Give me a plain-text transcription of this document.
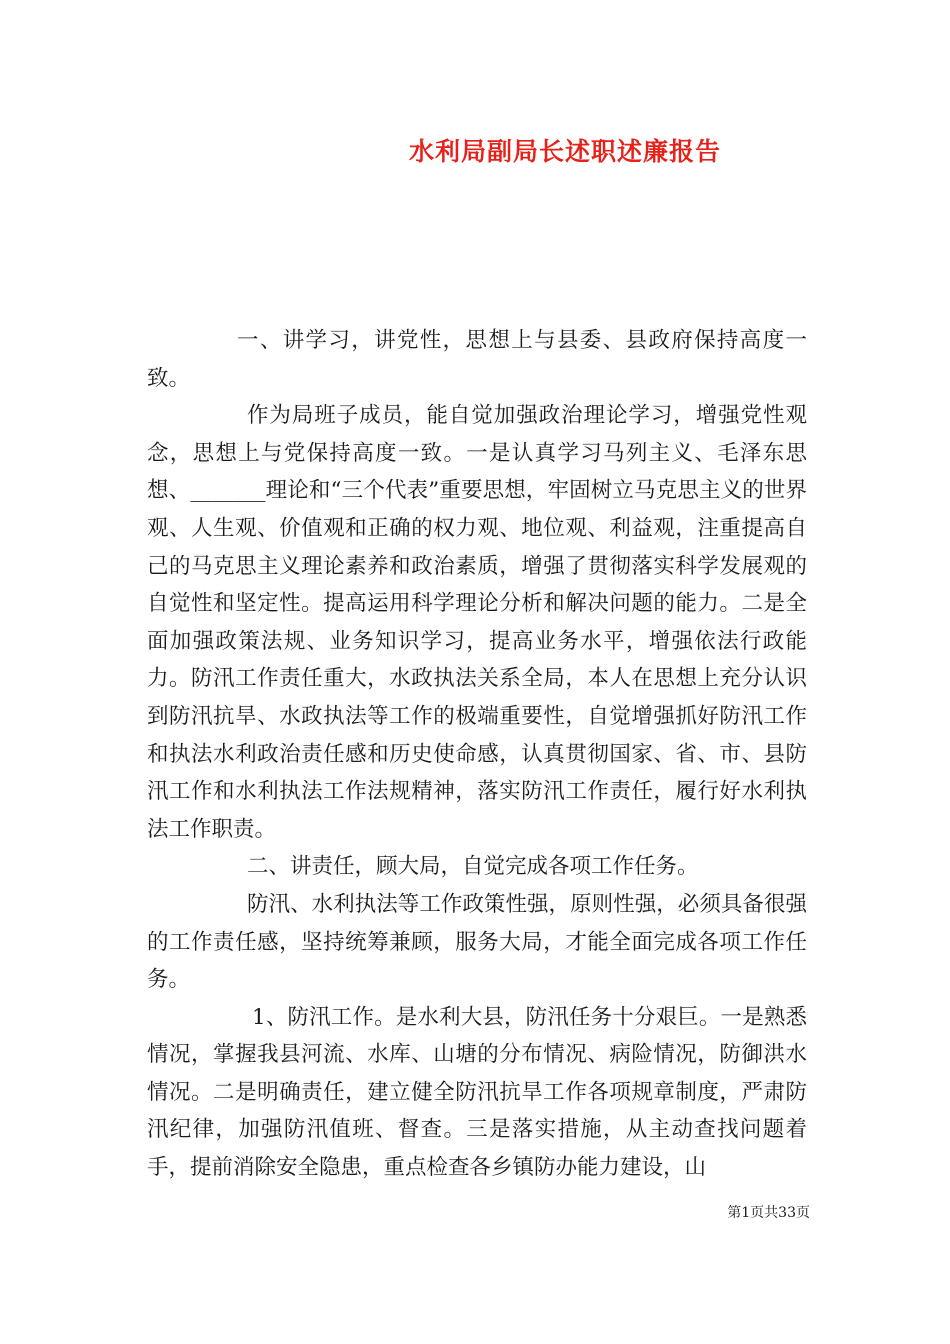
水利局副局长述职述廉报告

一、讲学习，讲党性，思想上与县委、县政府保持高度一致。

作为局班子成员，能自觉加强政治理论学习，增强党性观念，思想上与党保持高度一致。一是认真学习马列主义、毛泽东思想、_______理论和“三个代表”重要思想，牢固树立马克思主义的世界观、人生观、价值观和正确的权力观、地位观、利益观，注重提高自己的马克思主义理论素养和政治素质，增强了贯彻落实科学发展观的自觉性和坚定性。提高运用科学理论分析和解决问题的能力。二是全面加强政策法规、业务知识学习，提高业务水平，增强依法行政能力。防汛工作责任重大，水政执法关系全局，本人在思想上充分认识到防汛抗旱、水政执法等工作的极端重要性，自觉增强抓好防汛工作和执法水利政治责任感和历史使命感，认真贯彻国家、省、市、县防汛工作和水利执法工作法规精神，落实防汛工作责任，履行好水利执法工作职责。

二、讲责任，顾大局，自觉完成各项工作任务。

防汛、水利执法等工作政策性强，原则性强，必须具备很强的工作责任感，坚持统筹兼顾，服务大局，才能全面完成各项工作任务。

1、防汛工作。是水利大县，防汛任务十分艰巨。一是熟悉情况，掌握我县河流、水库、山塘的分布情况、病险情况，防御洪水情况。二是明确责任，建立健全防汛抗旱工作各项规章制度，严肃防汛纪律，加强防汛值班、督查。三是落实措施，从主动查找问题着手，提前消除安全隐患，重点检查各乡镇防办能力建设，山

第1页共33页
